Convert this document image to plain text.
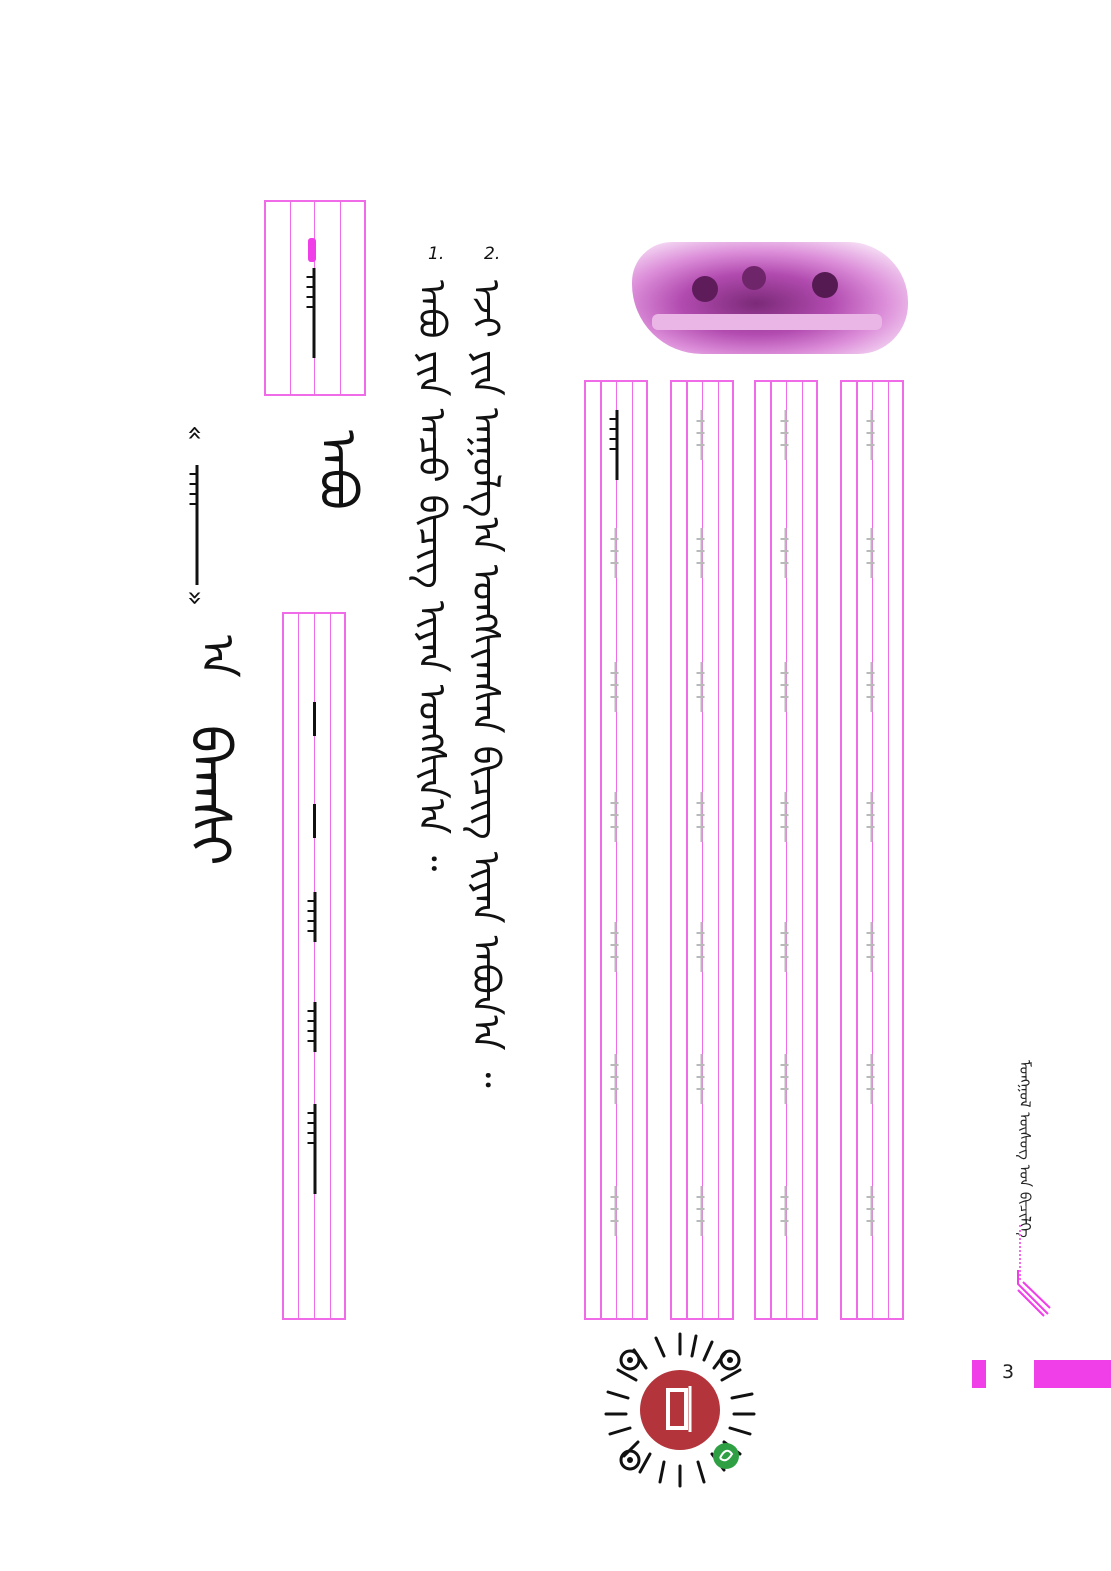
«
»
ᠠ
ᠪᠠᠭᠰᠢ
ᠠᠪᠤ
1.
ᠠᠪᠤ ᠶᠢᠨ ᠠᠴᠤ ᠪᠢᠴᠢᠭ ᠢᠶᠡᠨ ᠤᠩᠰᠢᠨ᠎ᠠ ᠃
2.
ᠡᠵᠢ ᠶᠢᠨ ᠠᠭᠤᠯᠭ᠎ᠠ ᠤᠩᠰᠢᠭᠰᠠᠨ ᠪᠢᠴᠢᠭ ᠢᠶᠡᠨ ᠠᠪᠤᠨ᠎ᠠ ᠃
ᠮᠣᠩᠭᠣᠯ ᠦᠰᠦᠭ ᠤᠨ ᠪᠢᠴᠢᠯᠭᠡ
3
